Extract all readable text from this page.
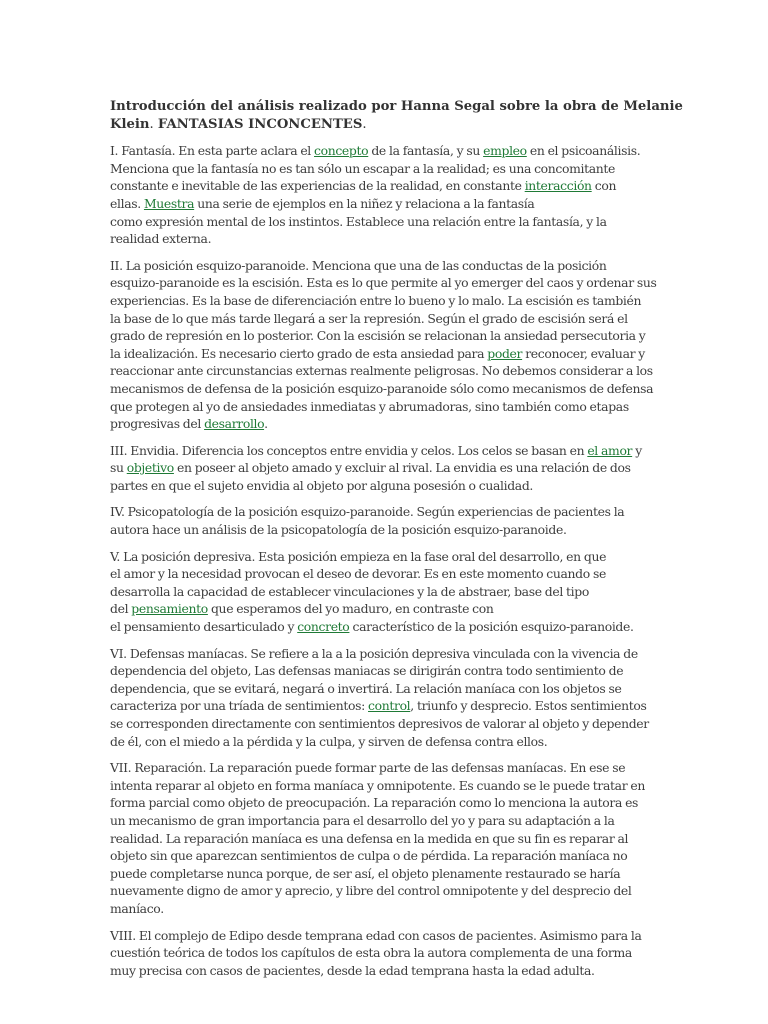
Introducción del análisis realizado por Hanna Segal sobre la obra de Melanie
Klein. FANTASIAS INCONCENTES.

I. Fantasía. En esta parte aclara el concepto de la fantasía, y su empleo en el psicoanálisis.
Menciona que la fantasía no es tan sólo un escapar a la realidad; es una concomitante
constante e inevitable de las experiencias de la realidad, en constante interacción con
ellas. Muestra una serie de ejemplos en la niñez y relaciona a la fantasía
como expresión mental de los instintos. Establece una relación entre la fantasía, y la
realidad externa.

II. La posición esquizo-paranoide. Menciona que una de las conductas de la posición
esquizo-paranoide es la escisión. Esta es lo que permite al yo emerger del caos y ordenar sus
experiencias. Es la base de diferenciación entre lo bueno y lo malo. La escisión es también
la base de lo que más tarde llegará a ser la represión. Según el grado de escisión será el
grado de represión en lo posterior. Con la escisión se relacionan la ansiedad persecutoria y
la idealización. Es necesario cierto grado de esta ansiedad para poder reconocer, evaluar y
reaccionar ante circunstancias externas realmente peligrosas. No debemos considerar a los
mecanismos de defensa de la posición esquizo-paranoide sólo como mecanismos de defensa
que protegen al yo de ansiedades inmediatas y abrumadoras, sino también como etapas
progresivas del desarrollo.

III. Envidia. Diferencia los conceptos entre envidia y celos. Los celos se basan en el amor y
su objetivo en poseer al objeto amado y excluir al rival. La envidia es una relación de dos
partes en que el sujeto envidia al objeto por alguna posesión o cualidad.

IV. Psicopatología de la posición esquizo-paranoide. Según experiencias de pacientes la
autora hace un análisis de la psicopatología de la posición esquizo-paranoide.

V. La posición depresiva. Esta posición empieza en la fase oral del desarrollo, en que
el amor y la necesidad provocan el deseo de devorar. Es en este momento cuando se
desarrolla la capacidad de establecer vinculaciones y la de abstraer, base del tipo
del pensamiento que esperamos del yo maduro, en contraste con
el pensamiento desarticulado y concreto característico de la posición esquizo-paranoide.

VI. Defensas maníacas. Se refiere a la a la posición depresiva vinculada con la vivencia de
dependencia del objeto, Las defensas maniacas se dirigirán contra todo sentimiento de
dependencia, que se evitará, negará o invertirá. La relación maníaca con los objetos se
caracteriza por una tríada de sentimientos: control, triunfo y desprecio. Estos sentimientos
se corresponden directamente con sentimientos depresivos de valorar al objeto y depender
de él, con el miedo a la pérdida y la culpa, y sirven de defensa contra ellos.

VII. Reparación. La reparación puede formar parte de las defensas maníacas. En ese se
intenta reparar al objeto en forma maníaca y omnipotente. Es cuando se le puede tratar en
forma parcial como objeto de preocupación. La reparación como lo menciona la autora es
un mecanismo de gran importancia para el desarrollo del yo y para su adaptación a la
realidad. La reparación maníaca es una defensa en la medida en que su fin es reparar al
objeto sin que aparezcan sentimientos de culpa o de pérdida. La reparación maníaca no
puede completarse nunca porque, de ser así, el objeto plenamente restaurado se haría
nuevamente digno de amor y aprecio, y libre del control omnipotente y del desprecio del
maníaco.

VIII. El complejo de Edipo desde temprana edad con casos de pacientes. Asimismo para la
cuestión teórica de todos los capítulos de esta obra la autora complementa de una forma
muy precisa con casos de pacientes, desde la edad temprana hasta la edad adulta.
